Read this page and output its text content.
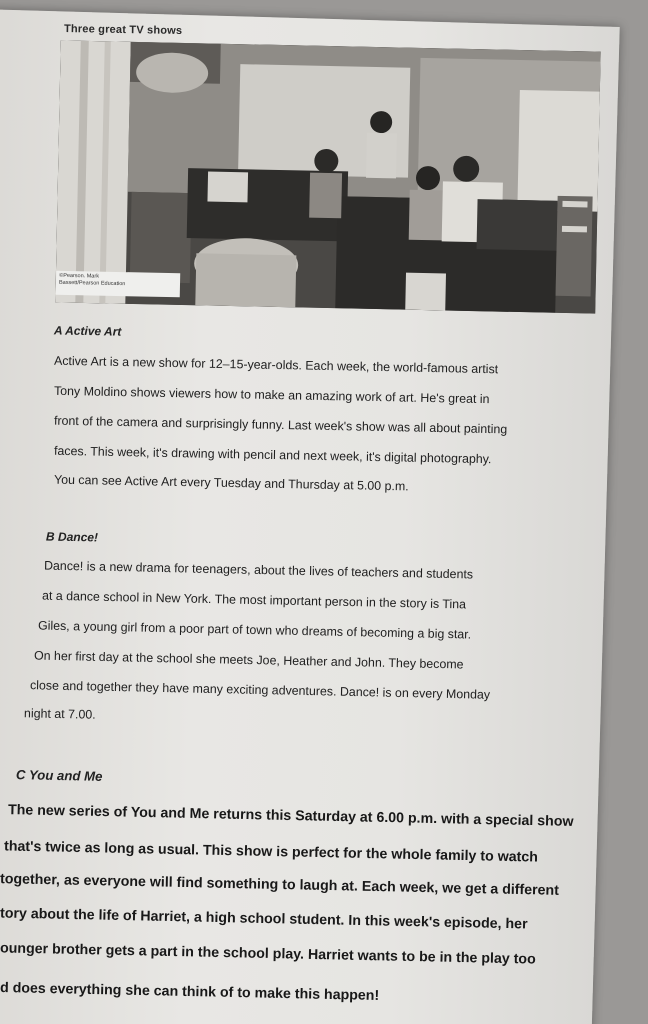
Three great TV shows
©Pearson. Mark
Bassett/Pearson Education
A Active Art
Active Art is a new show for 12–15-year-olds. Each week, the world-famous artist
Tony Moldino shows viewers how to make an amazing work of art. He's great in
front of the camera and surprisingly funny. Last week's show was all about painting
faces. This week, it's drawing with pencil and next week, it's digital photography.
You can see Active Art every Tuesday and Thursday at 5.00 p.m.
B Dance!
Dance! is a new drama for teenagers, about the lives of teachers and students
at a dance school in New York. The most important person in the story is Tina
Giles, a young girl from a poor part of town who dreams of becoming a big star.
On her first day at the school she meets Joe, Heather and John. They become
close and together they have many exciting adventures. Dance! is on every Monday
night at 7.00.
C You and Me
The new series of You and Me returns this Saturday at 6.00 p.m. with a special show
that's twice as long as usual. This show is perfect for the whole family to watch
together, as everyone will find something to laugh at. Each week, we get a different
tory about the life of Harriet, a high school student. In this week's episode, her
ounger brother gets a part in the school play. Harriet wants to be in the play too
d does everything she can think of to make this happen!
